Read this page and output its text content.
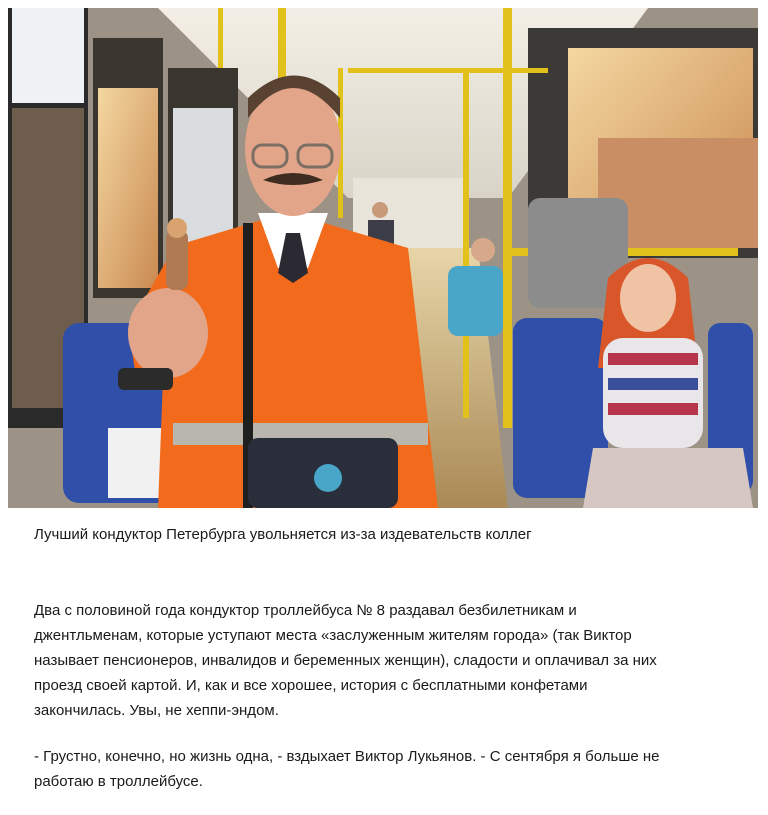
Лучший кондуктор Петербурга увольняется из-за издевательств коллег

Два с половиной года кондуктор троллейбуса № 8 раздавал безбилетникам и
джентльменам, которые уступают места «заслуженным жителям города» (так Виктор
называет пенсионеров, инвалидов и беременных женщин), сладости и оплачивал за них
проезд своей картой. И, как и все хорошее, история с бесплатными конфетами
закончилась. Увы, не хеппи-эндом.

- Грустно, конечно, но жизнь одна, - вздыхает Виктор Лукьянов. - С сентября я больше не
работаю в троллейбусе.
